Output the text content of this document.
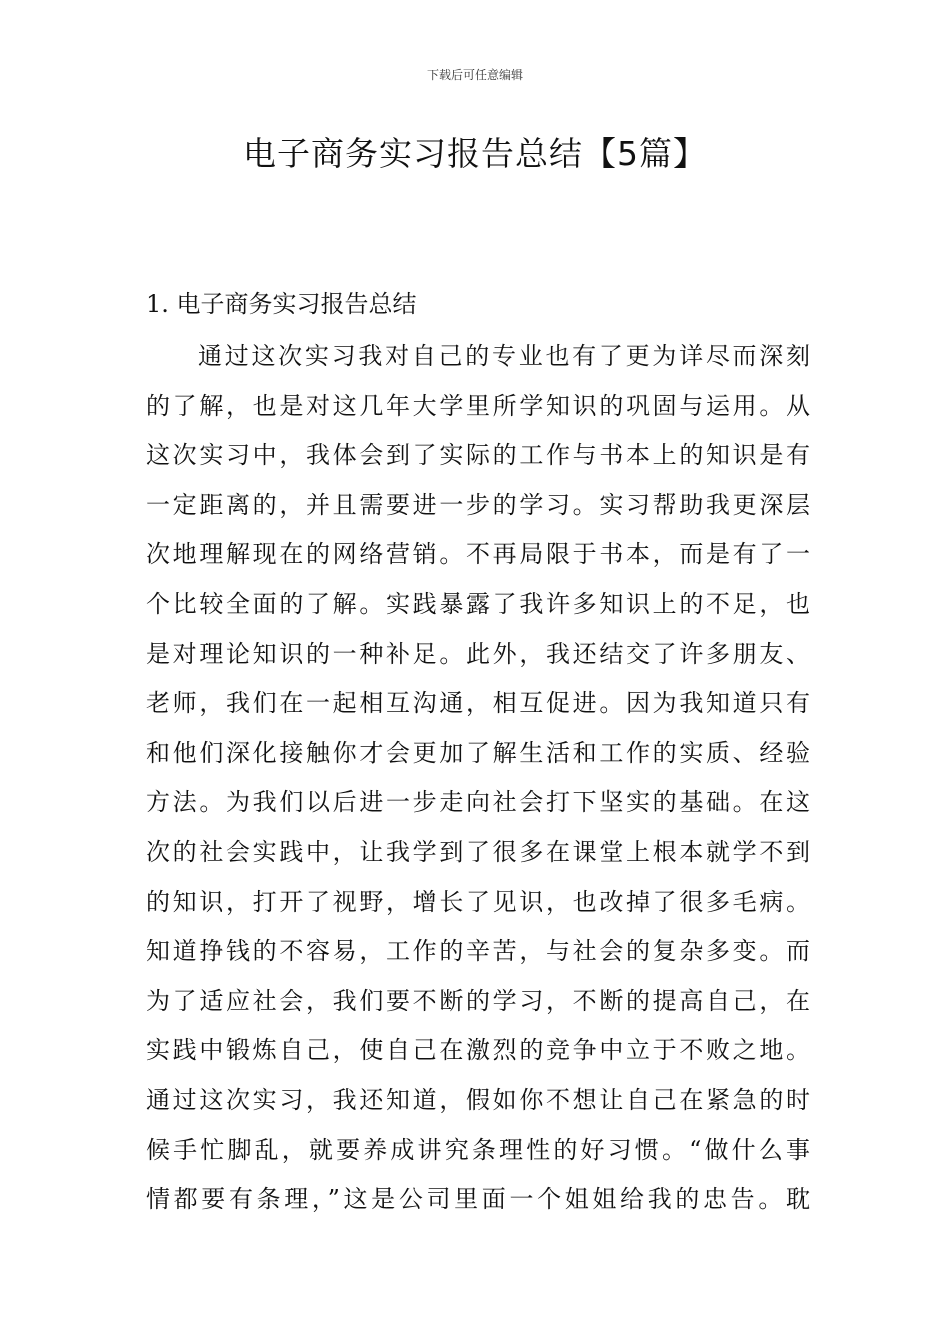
下载后可任意编辑
电子商务实习报告总结【5篇】
1. 电子商务实习报告总结
通过这次实习我对自己的专业也有了更为详尽而深刻
的了解，也是对这几年大学里所学知识的巩固与运用。从
这次实习中，我体会到了实际的工作与书本上的知识是有
一定距离的，并且需要进一步的学习。实习帮助我更深层
次地理解现在的网络营销。不再局限于书本，而是有了一
个比较全面的了解。实践暴露了我许多知识上的不足，也
是对理论知识的一种补足。此外，我还结交了许多朋友、
老师，我们在一起相互沟通，相互促进。因为我知道只有
和他们深化接触你才会更加了解生活和工作的实质、经验
方法。为我们以后进一步走向社会打下坚实的基础。在这
次的社会实践中，让我学到了很多在课堂上根本就学不到
的知识，打开了视野，增长了见识，也改掉了很多毛病。
知道挣钱的不容易，工作的辛苦，与社会的复杂多变。而
为了适应社会，我们要不断的学习，不断的提高自己，在
实践中锻炼自己，使自己在激烈的竞争中立于不败之地。
通过这次实习，我还知道，假如你不想让自己在紧急的时
候手忙脚乱，就要养成讲究条理性的好习惯。“做什么事
情都要有条理，”这是公司里面一个姐姐给我的忠告。耽
